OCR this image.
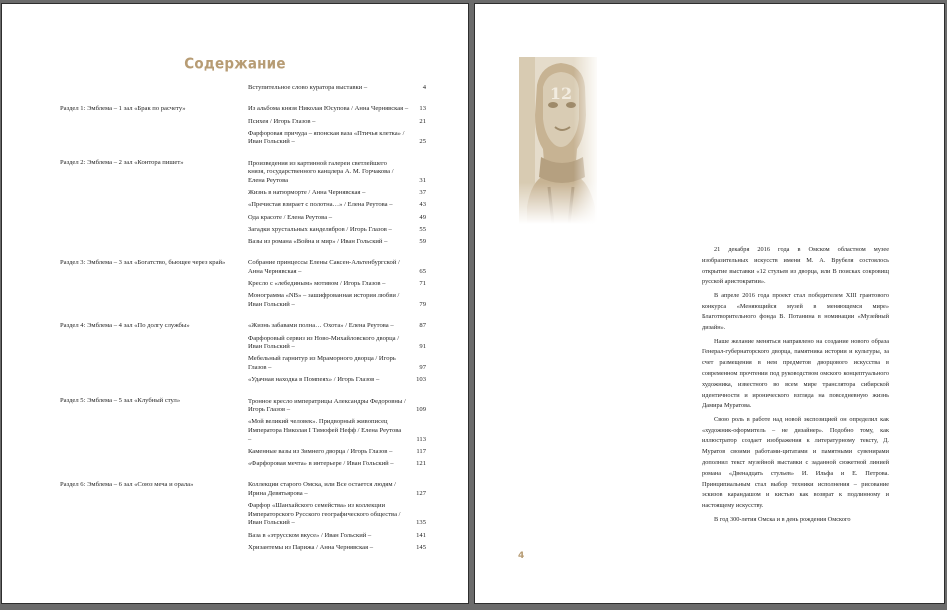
Содержание
Вступительное слово куратора выставки –	4
Раздел 1: Эмблема – 1 зал «Брак по расчету»	Из альбома князя Николая Юсупова / Анна Чернявская – 13
Психея / Игорь Глазов –	21
Фарфоровая причуда – японская ваза «Птичья клетка» /
Иван Гольский –	25
Раздел 2: Эмблема – 2 зал «Контора пишет»	Произведения из картинной галереи светлейшего
князя, государственного канцлера А. М. Горчакова /
Елена Реутова	31
Жизнь в натюрморте / Анна Чернявская –	37
«Пречистая взирает с полотна…» / Елена Реутова –	43
Ода красоте / Елена Реутова –	49
Загадки хрустальных канделябров / Игорь Глазов –	55
Вазы из романа «Война и мир» / Иван Гольский –	59
Раздел 3: Эмблема – 3 зал «Богатство, бьющее через край»	Собрание принцессы Елены Саксен-Альтенбургской /
Анна Чернявская –	65
Кресло с «лебединым» мотивом / Игорь Глазов –	71
Монограмма «NB» – зашифрованная история любви /
Иван Гольский –	79
Раздел 4: Эмблема – 4 зал «По долгу службы»	«Жизнь забавами полна… Охота» / Елена Реутова –	87
Фарфоровый сервиз из Ново-Михайловского дворца /
Иван Гольский –	91
Мебельный гарнитур из Мраморного дворца / Игорь
Глазов –	97
«Удачная находка в Помпеях» / Игорь Глазов –	103
Раздел 5: Эмблема – 5 зал «Клубный стул»	Тронное кресло императрицы Александры Федоровны /
Игорь Глазов –	109
«Мой великий человек». Придворный живописец
Императора Николая I Тимофей Нефф / Елена Реутова
–	113
Каменные вазы из Зимнего дворца / Игорь Глазов –	117
«Фарфоровая мечта» в интерьере / Иван Гольский –	121
Раздел 6: Эмблема – 6 зал «Союз меча и орала»	Коллекции старого Омска, или Все остается людям /
Ирина Девятьярова –	127
Фарфор «Шанхайского семейства» из коллекции
Императорского Русского географического общества /
Иван Гольский –	135
Ваза в «этрусском вкусе» / Иван Гольский –	141
Хризантемы из Парижа / Анна Чернявская –	145

21 декабря 2016 года в Омском областном музее изобразительных искусств имени М. А. Врубеля состоялось открытие выставки «12 стульев из дворца, или В поисках сокровищ русской аристократии».

В апреле 2016 года проект стал победителем XIII грантового конкурса «Меняющийся музей в меняющемся мире» Благотворительного фонда В. Потанина в номинации «Музейный дизайн».

Наше желание меняться направлено на создание нового образа Генерал-губернаторского дворца, памятника истории и культуры, за счет размещения в нем предметов дворцового искусства в современном прочтении под руководством омского концептуального художника, известного во всем мире транслятора сибирской идентичности и иронического взгляда на повседневную жизнь Дамира Муратова.

Свою роль в работе над новой экспозицией он определил как «художник-оформитель – не дизайнер». Подобно тому, как иллюстратор создает изображения к литературному тексту, Д. Муратов своими работами-цитатами и памятными сувенирами дополнил текст музейной выставки с заданной сюжетной линией романа «Двенадцать стульев» И. Ильфа и Е. Петрова. Принципиальным стал выбор техники исполнения – рисование эскизов карандашом и кистью как возврат к подлинному и настоящему искусству.

В год 300-летия Омска и в день рождения Омского

4
